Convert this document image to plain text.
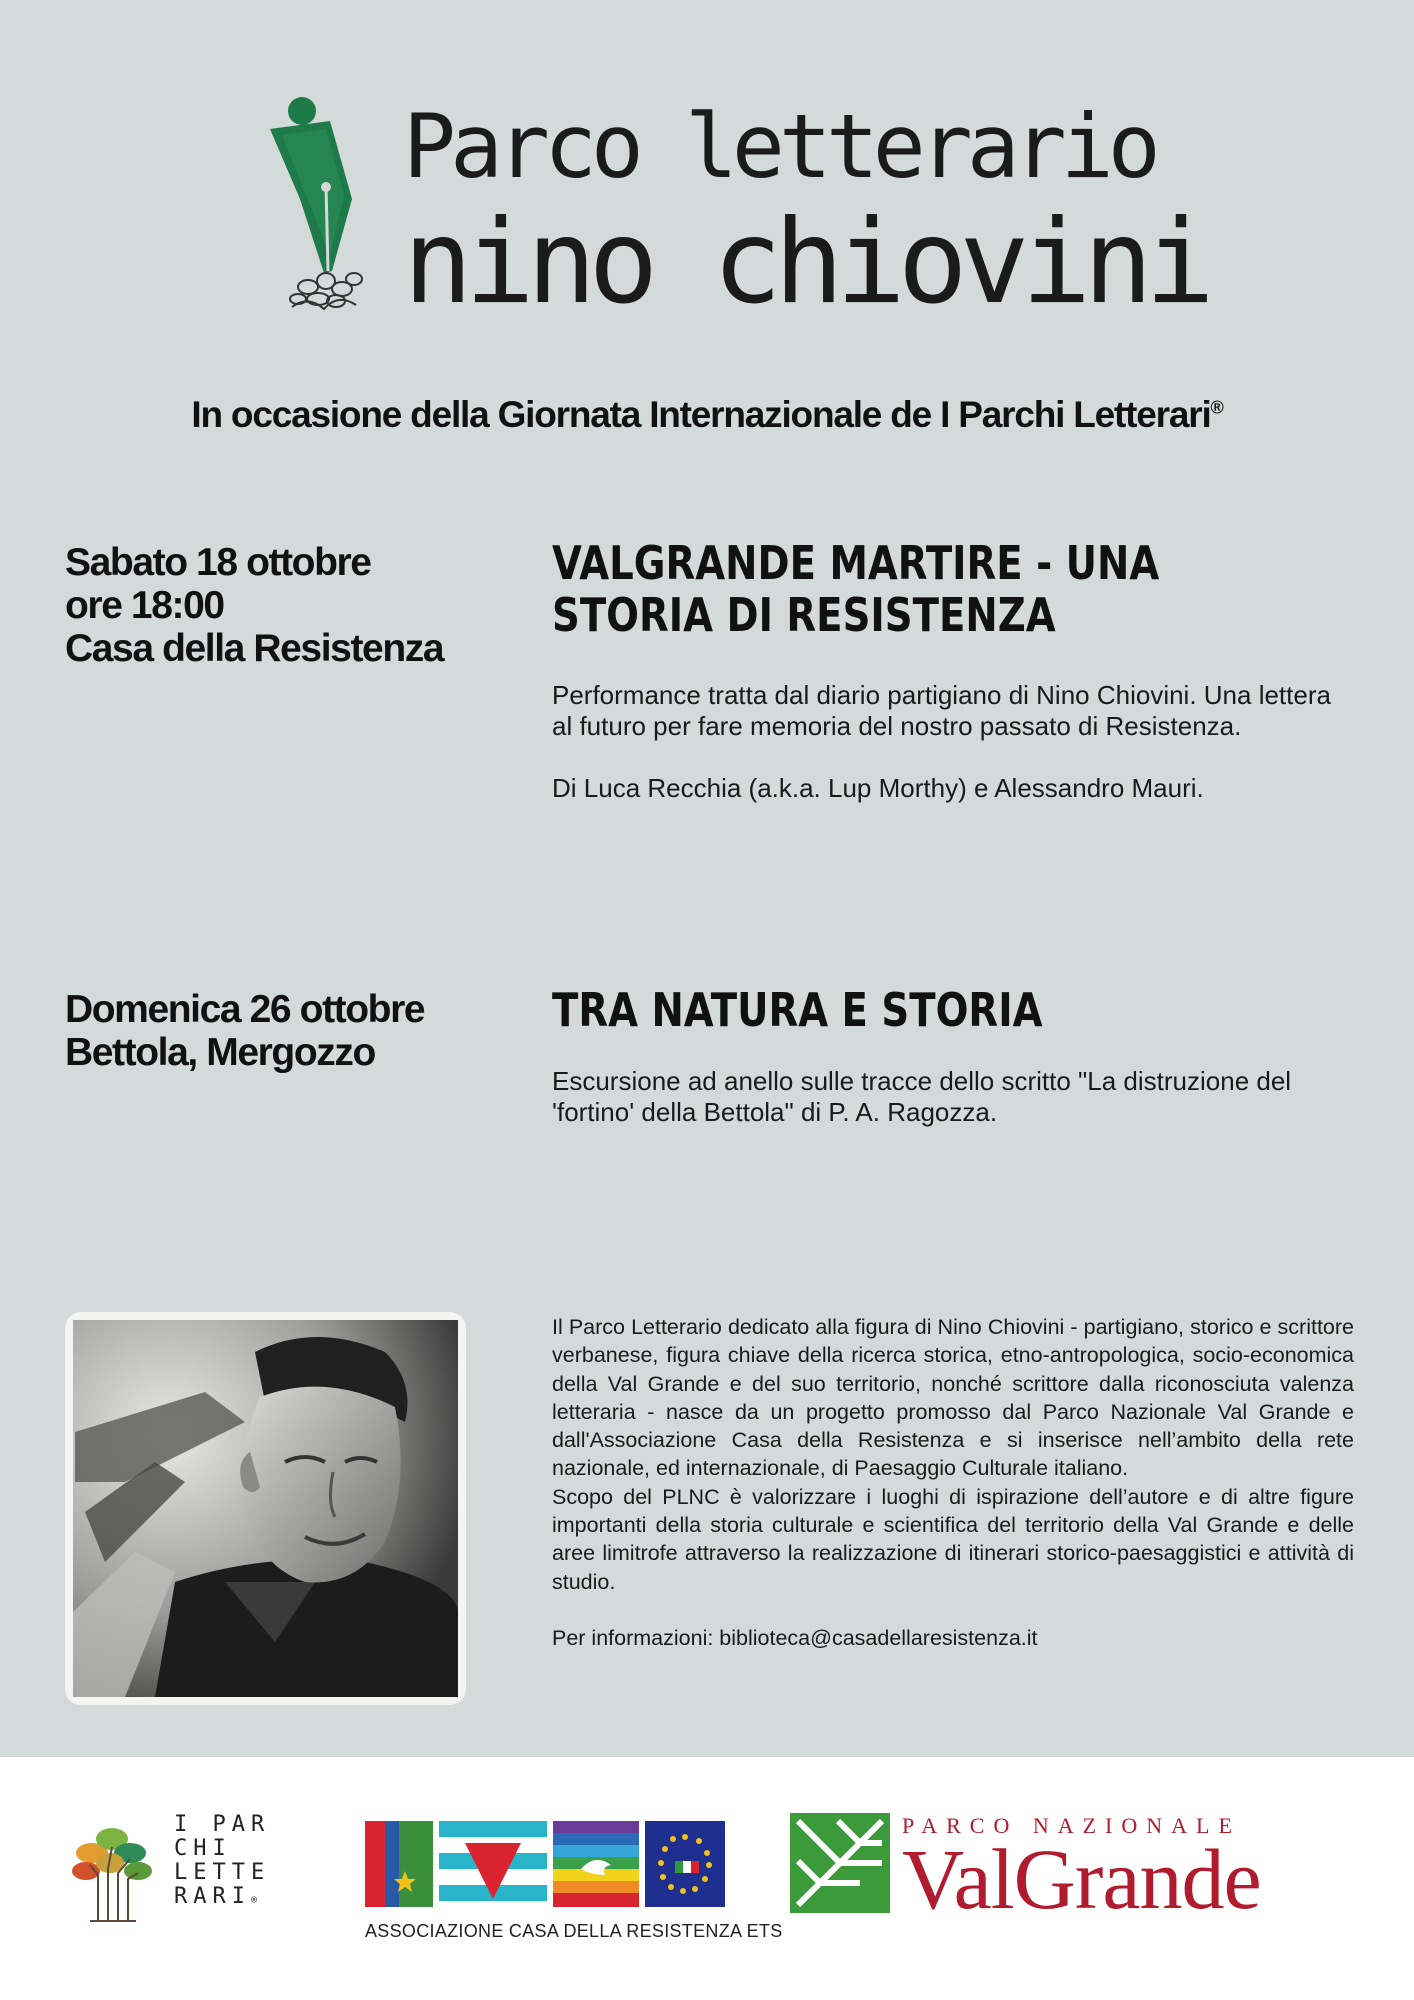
Parco letterario
nino chiovini
In occasione della Giornata Internazionale de I Parchi Letterari®
Sabato 18 ottobre
ore 18:00
Casa della Resistenza
VALGRANDE MARTIRE - UNA
STORIA DI RESISTENZA

Performance tratta dal diario partigiano di Nino Chiovini. Una lettera al futuro per fare memoria del nostro passato di Resistenza.

Di Luca Recchia (a.k.a. Lup Morthy) e Alessandro Mauri.

Domenica 26 ottobre
Bettola, Mergozzo
TRA NATURA E STORIA

Escursione ad anello sulle tracce dello scritto "La distruzione del 'fortino' della Bettola" di P. A. Ragozza.

Il Parco Letterario dedicato alla figura di Nino Chiovini - partigiano, storico e scrittore verbanese, figura chiave della ricerca storica, etno-antropologica, socio-economica della Val Grande e del suo territorio, nonché scrittore dalla riconosciuta valenza letteraria - nasce da un progetto promosso dal Parco Nazionale Val Grande e dall'Associazione Casa della Resistenza e si inserisce nell’ambito della rete nazionale, ed internazionale, di Paesaggio Culturale italiano.

Scopo del PLNC è valorizzare i luoghi di ispirazione dell’autore e di altre figure importanti della storia culturale e scientifica del territorio della Val Grande e delle aree limitrofe attraverso la realizzazione di itinerari storico-paesaggistici e attività di studio.

Per informazioni: biblioteca@casadellaresistenza.it

I PAR
CHI
LETTE
RARI®
ASSOCIAZIONE CASA DELLA RESISTENZA ETS
PARCO NAZIONALE
ValGrande
